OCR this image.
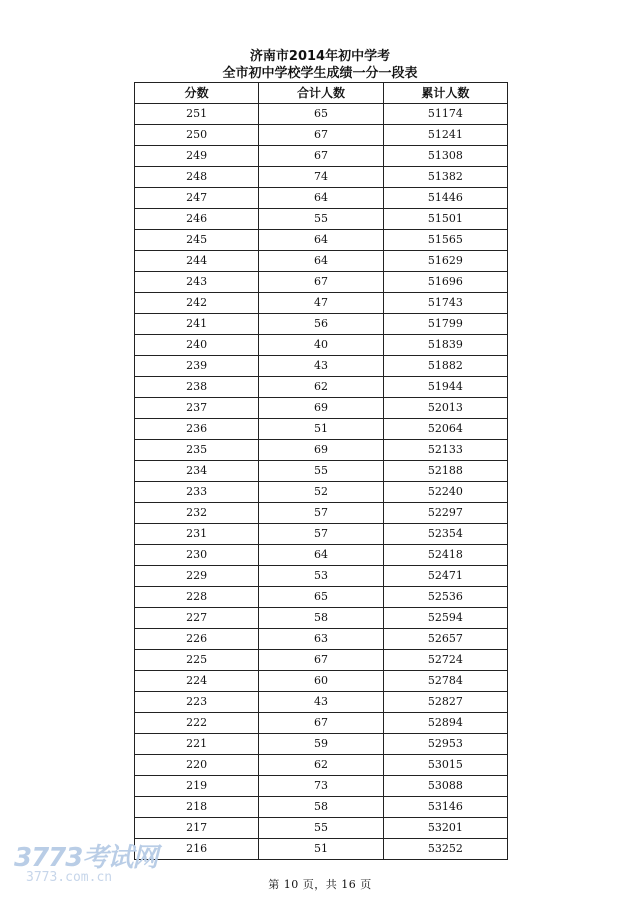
济南市2014年初中学考
全市初中学校学生成绩一分一段表
分数	合计人数	累计人数
251	65	51174
250	67	51241
249	67	51308
248	74	51382
247	64	51446
246	55	51501
245	64	51565
244	64	51629
243	67	51696
242	47	51743
241	56	51799
240	40	51839
239	43	51882
238	62	51944
237	69	52013
236	51	52064
235	69	52133
234	55	52188
233	52	52240
232	57	52297
231	57	52354
230	64	52418
229	53	52471
228	65	52536
227	58	52594
226	63	52657
225	67	52724
224	60	52784
223	43	52827
222	67	52894
221	59	52953
220	62	53015
219	73	53088
218	58	53146
217	55	53201
216	51	53252
第 10 页，共 16 页
3773考试网
3773.com.cn
